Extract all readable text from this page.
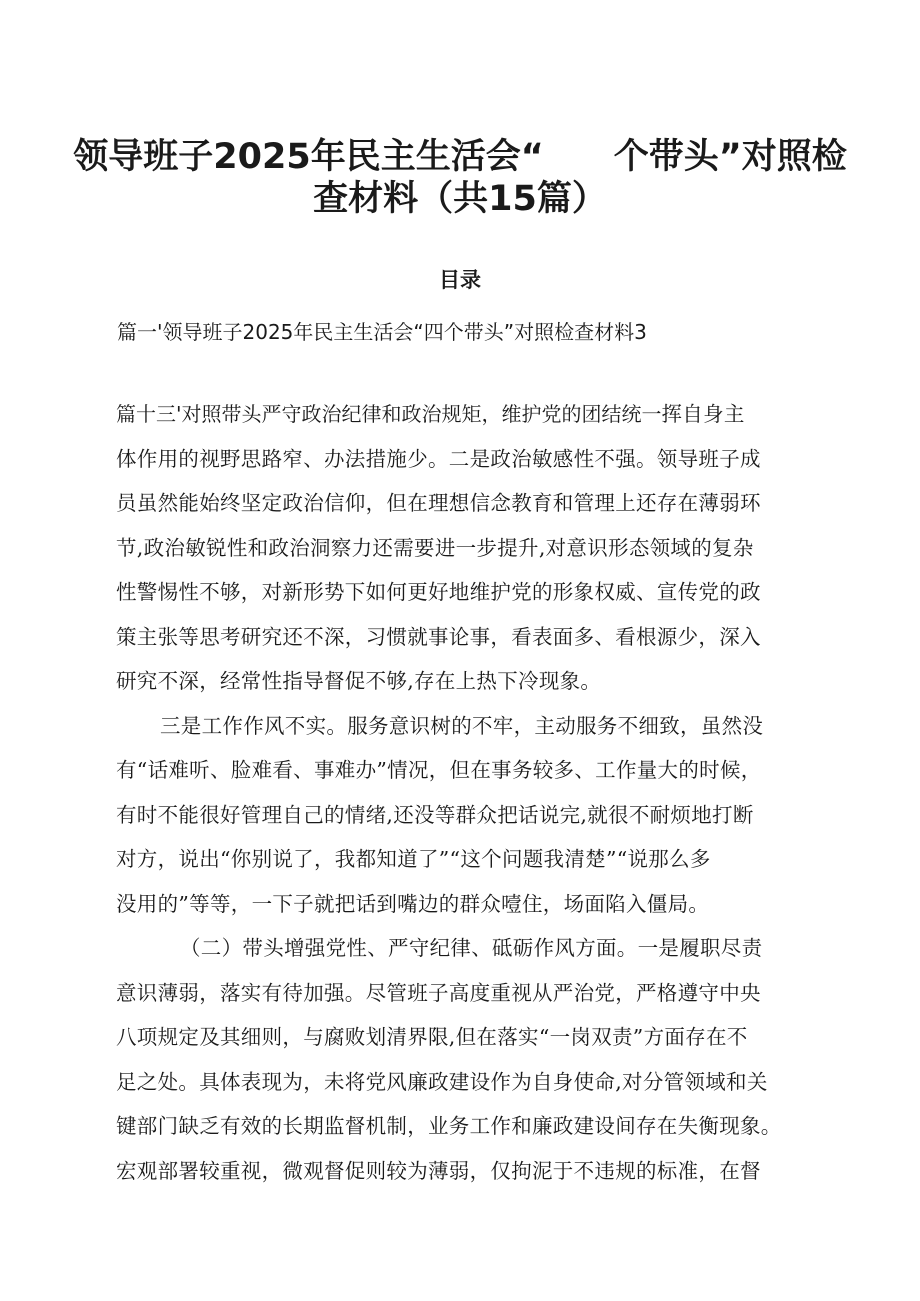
领导班子2025年民主生活会“　　个带头”对照检
查材料（共15篇）
目录

篇一'领导班子2025年民主生活会“四个带头”对照检查材料3

篇十三'对照带头严守政治纪律和政治规矩，维护党的团结统一挥自身主
体作用的视野思路窄、办法措施少。二是政治敏感性不强。领导班子成
员虽然能始终坚定政治信仰，但在理想信念教育和管理上还存在薄弱环
节,政治敏锐性和政治洞察力还需要进一步提升,对意识形态领域的复杂
性警惕性不够，对新形势下如何更好地维护党的形象权威、宣传党的政
策主张等思考研究还不深，习惯就事论事，看表面多、看根源少，深入
研究不深，经常性指导督促不够,存在上热下冷现象。
三是工作作风不实。服务意识树的不牢，主动服务不细致，虽然没
有“话难听、脸难看、事难办”情况，但在事务较多、工作量大的时候，
有时不能很好管理自己的情绪,还没等群众把话说完,就很不耐烦地打断
对方，说出“你别说了，我都知道了”“这个问题我清楚”“说那么多
没用的”等等，一下子就把话到嘴边的群众噎住，场面陷入僵局。
（二）带头增强党性、严守纪律、砥砺作风方面。一是履职尽责
意识薄弱，落实有待加强。尽管班子高度重视从严治党，严格遵守中央
八项规定及其细则，与腐败划清界限,但在落实“一岗双责”方面存在不
足之处。具体表现为，未将党风廉政建设作为自身使命,对分管领域和关
键部门缺乏有效的长期监督机制，业务工作和廉政建设间存在失衡现象。
宏观部署较重视，微观督促则较为薄弱，仅拘泥于不违规的标准，在督
